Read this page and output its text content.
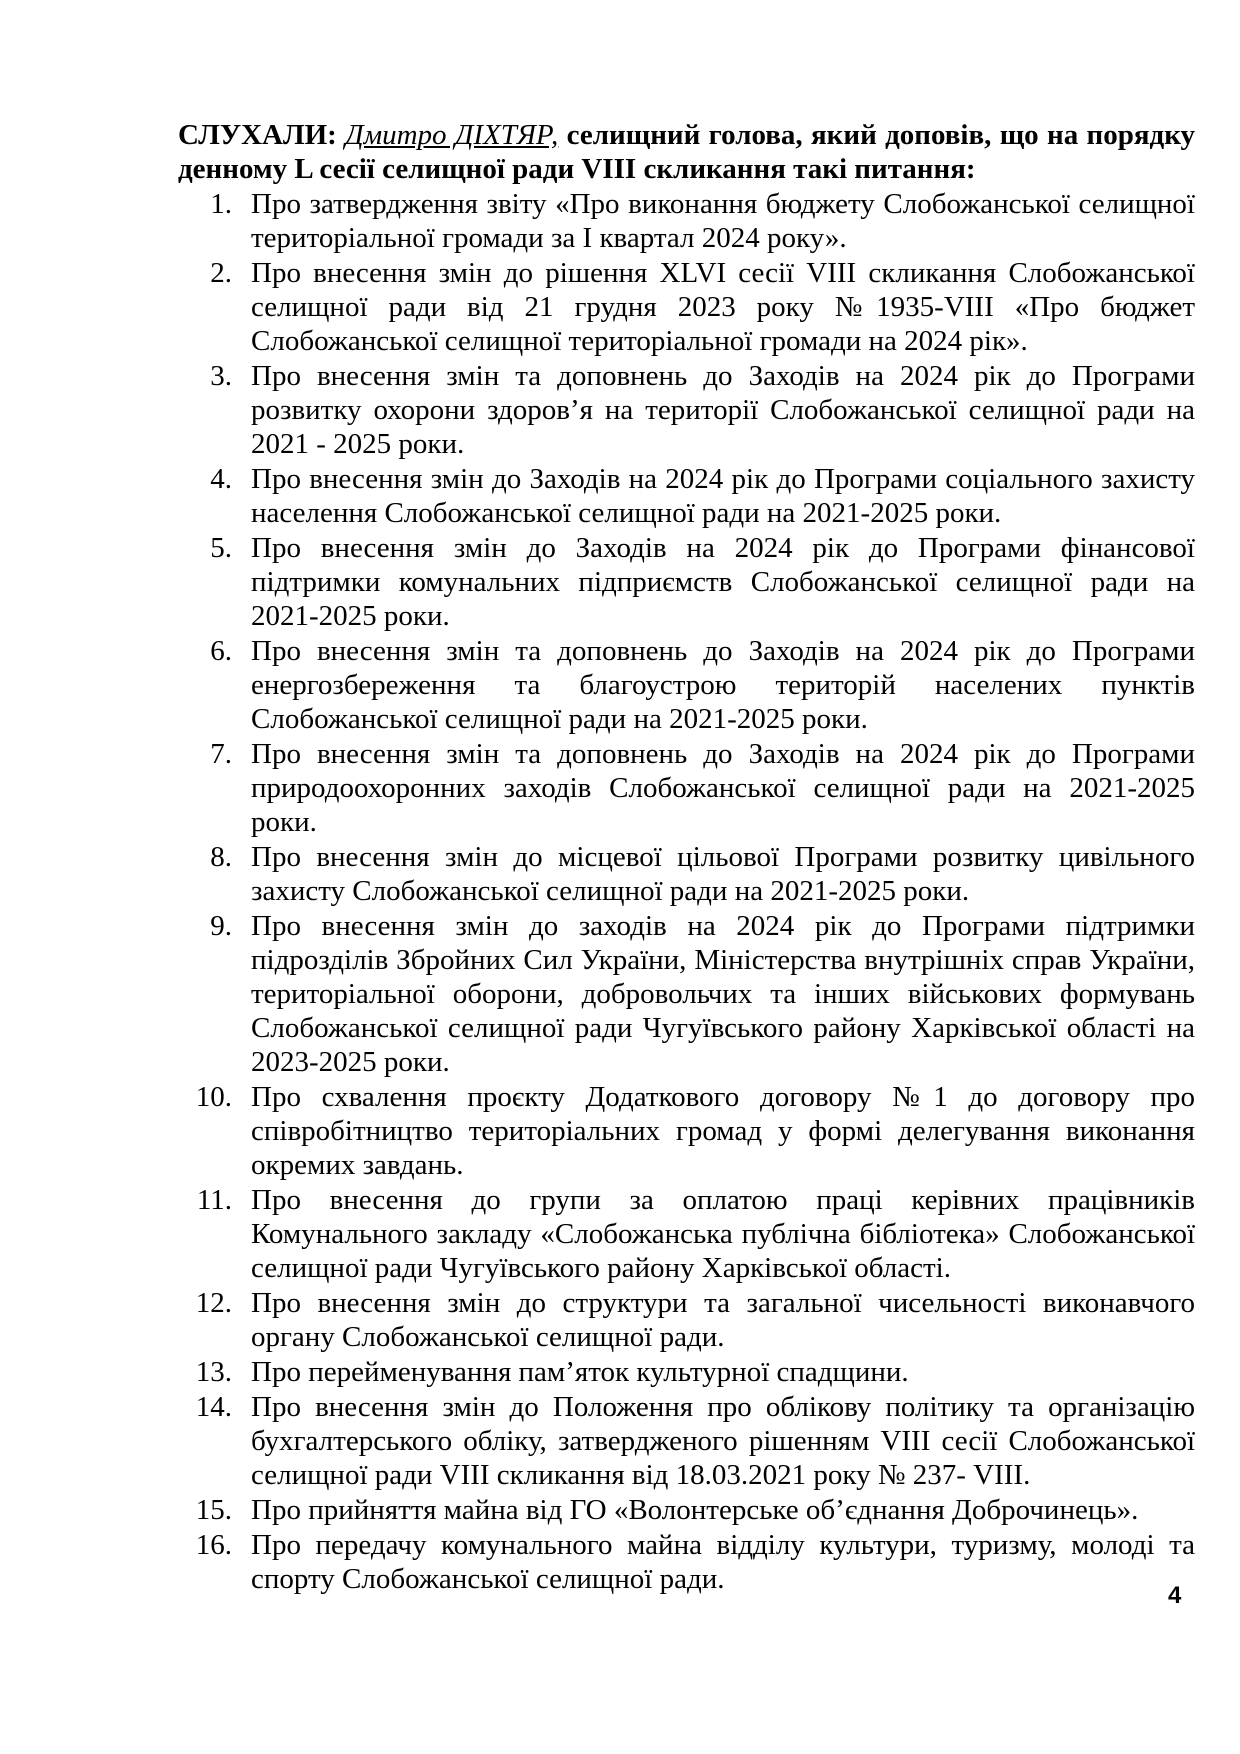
СЛУХАЛИ: Дмитро ДІХТЯР, селищний голова, який доповів, що на порядку денному L сесії селищної ради VIII скликання такі питання:

1. Про затвердження звіту «Про виконання бюджету Слобожанської селищної територіальної громади за І квартал 2024 року».
2. Про внесення змін до рішення XLVI сесії VIII скликання Слобожанської селищної ради від 21 грудня 2023 року №1935-VIII «Про бюджет Слобожанської селищної територіальної громади на 2024 рік».
3. Про внесення змін та доповнень до Заходів на 2024 рік до Програми розвитку охорони здоров’я на території Слобожанської селищної ради на 2021 - 2025 роки.
4. Про внесення змін до Заходів на 2024 рік до Програми соціального захисту населення Слобожанської селищної ради на 2021-2025 роки.
5. Про внесення змін до Заходів на 2024 рік до Програми фінансової підтримки комунальних підприємств Слобожанської селищної ради на 2021-2025 роки.
6. Про внесення змін та доповнень до Заходів на 2024 рік до Програми енергозбереження та благоустрою територій населених пунктів Слобожанської селищної ради на 2021-2025 роки.
7. Про внесення змін та доповнень до Заходів на 2024 рік до Програми природоохоронних заходів Слобожанської селищної ради на 2021-2025 роки.
8. Про внесення змін до місцевої цільової Програми розвитку цивільного захисту Слобожанської селищної ради на 2021-2025 роки.
9. Про внесення змін до заходів на 2024 рік до Програми підтримки підрозділів Збройних Сил України, Міністерства внутрішніх справ України, територіальної оборони, добровольчих та інших військових формувань Слобожанської селищної ради Чугуївського району Харківської області на 2023-2025 роки.
10. Про схвалення проєкту Додаткового договору №1 до договору про співробітництво територіальних громад у формі делегування виконання окремих завдань.
11. Про внесення до групи за оплатою праці керівних працівників Комунального закладу «Слобожанська публічна бібліотека» Слобожанської селищної ради Чугуївського району Харківської області.
12. Про внесення змін до структури та загальної чисельності виконавчого органу Слобожанської селищної ради.
13. Про перейменування пам’яток культурної спадщини.
14. Про внесення змін до Положення про облікову політику та організацію бухгалтерського обліку, затвердженого рішенням VIII сесії Слобожанської селищної ради VIII скликання від 18.03.2021 року № 237- VIII.
15. Про прийняття майна від ГО «Волонтерське об’єднання Доброчинець».
16. Про передачу комунального майна відділу культури, туризму, молоді та спорту Слобожанської селищної ради.
4
